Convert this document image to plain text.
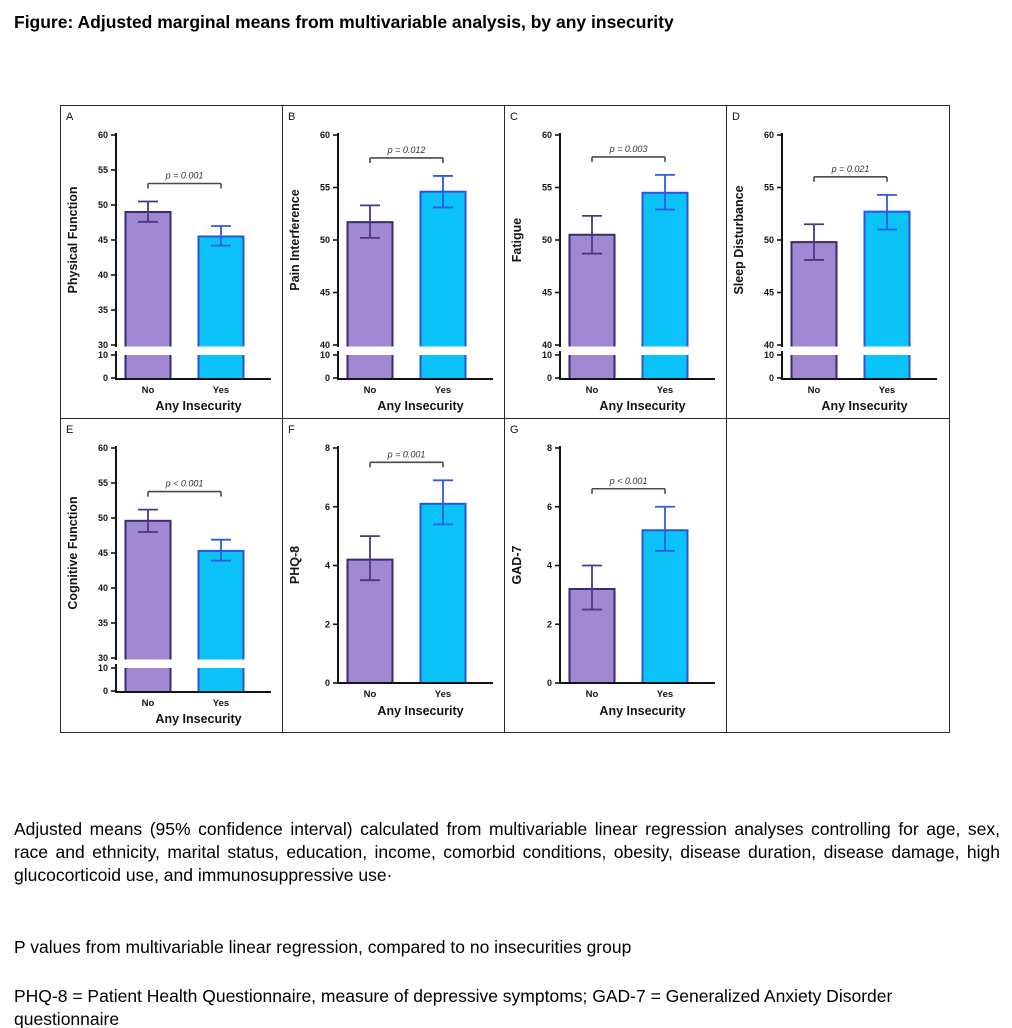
Figure: Adjusted marginal means from multivariable analysis, by any insecurity
A
30
35
40
45
50
55
60
10
0
p = 0.001
No	Yes
Any Insecurity
Physical Function
B
40
45
50
55
60
10
0
p = 0.012
No	Yes
Any Insecurity
Pain Interference
C
40
45
50
55
60
10
0
p = 0.003
No	Yes
Any Insecurity
Fatigue
D
40
45
50
55
60
10
0
p = 0.021
No	Yes
Any Insecurity
Sleep Disturbance
E
30
35
40
45
50
55
60
10
0
p < 0.001
No	Yes
Any Insecurity
Cognitive Function
F
0
2
4
6
8
p = 0.001
No	Yes
Any Insecurity
PHQ-8
G
0
2
4
6
8
p < 0.001
No	Yes
Any Insecurity
GAD-7

Adjusted means (95% confidence interval) calculated from multivariable linear regression analyses controlling for age, sex, race and ethnicity, marital status, education, income, comorbid conditions, obesity, disease duration, disease damage, high glucocorticoid use, and immunosuppressive use·

P values from multivariable linear regression, compared to no insecurities group

PHQ-8 = Patient Health Questionnaire, measure of depressive symptoms; GAD-7 = Generalized Anxiety Disorder questionnaire
